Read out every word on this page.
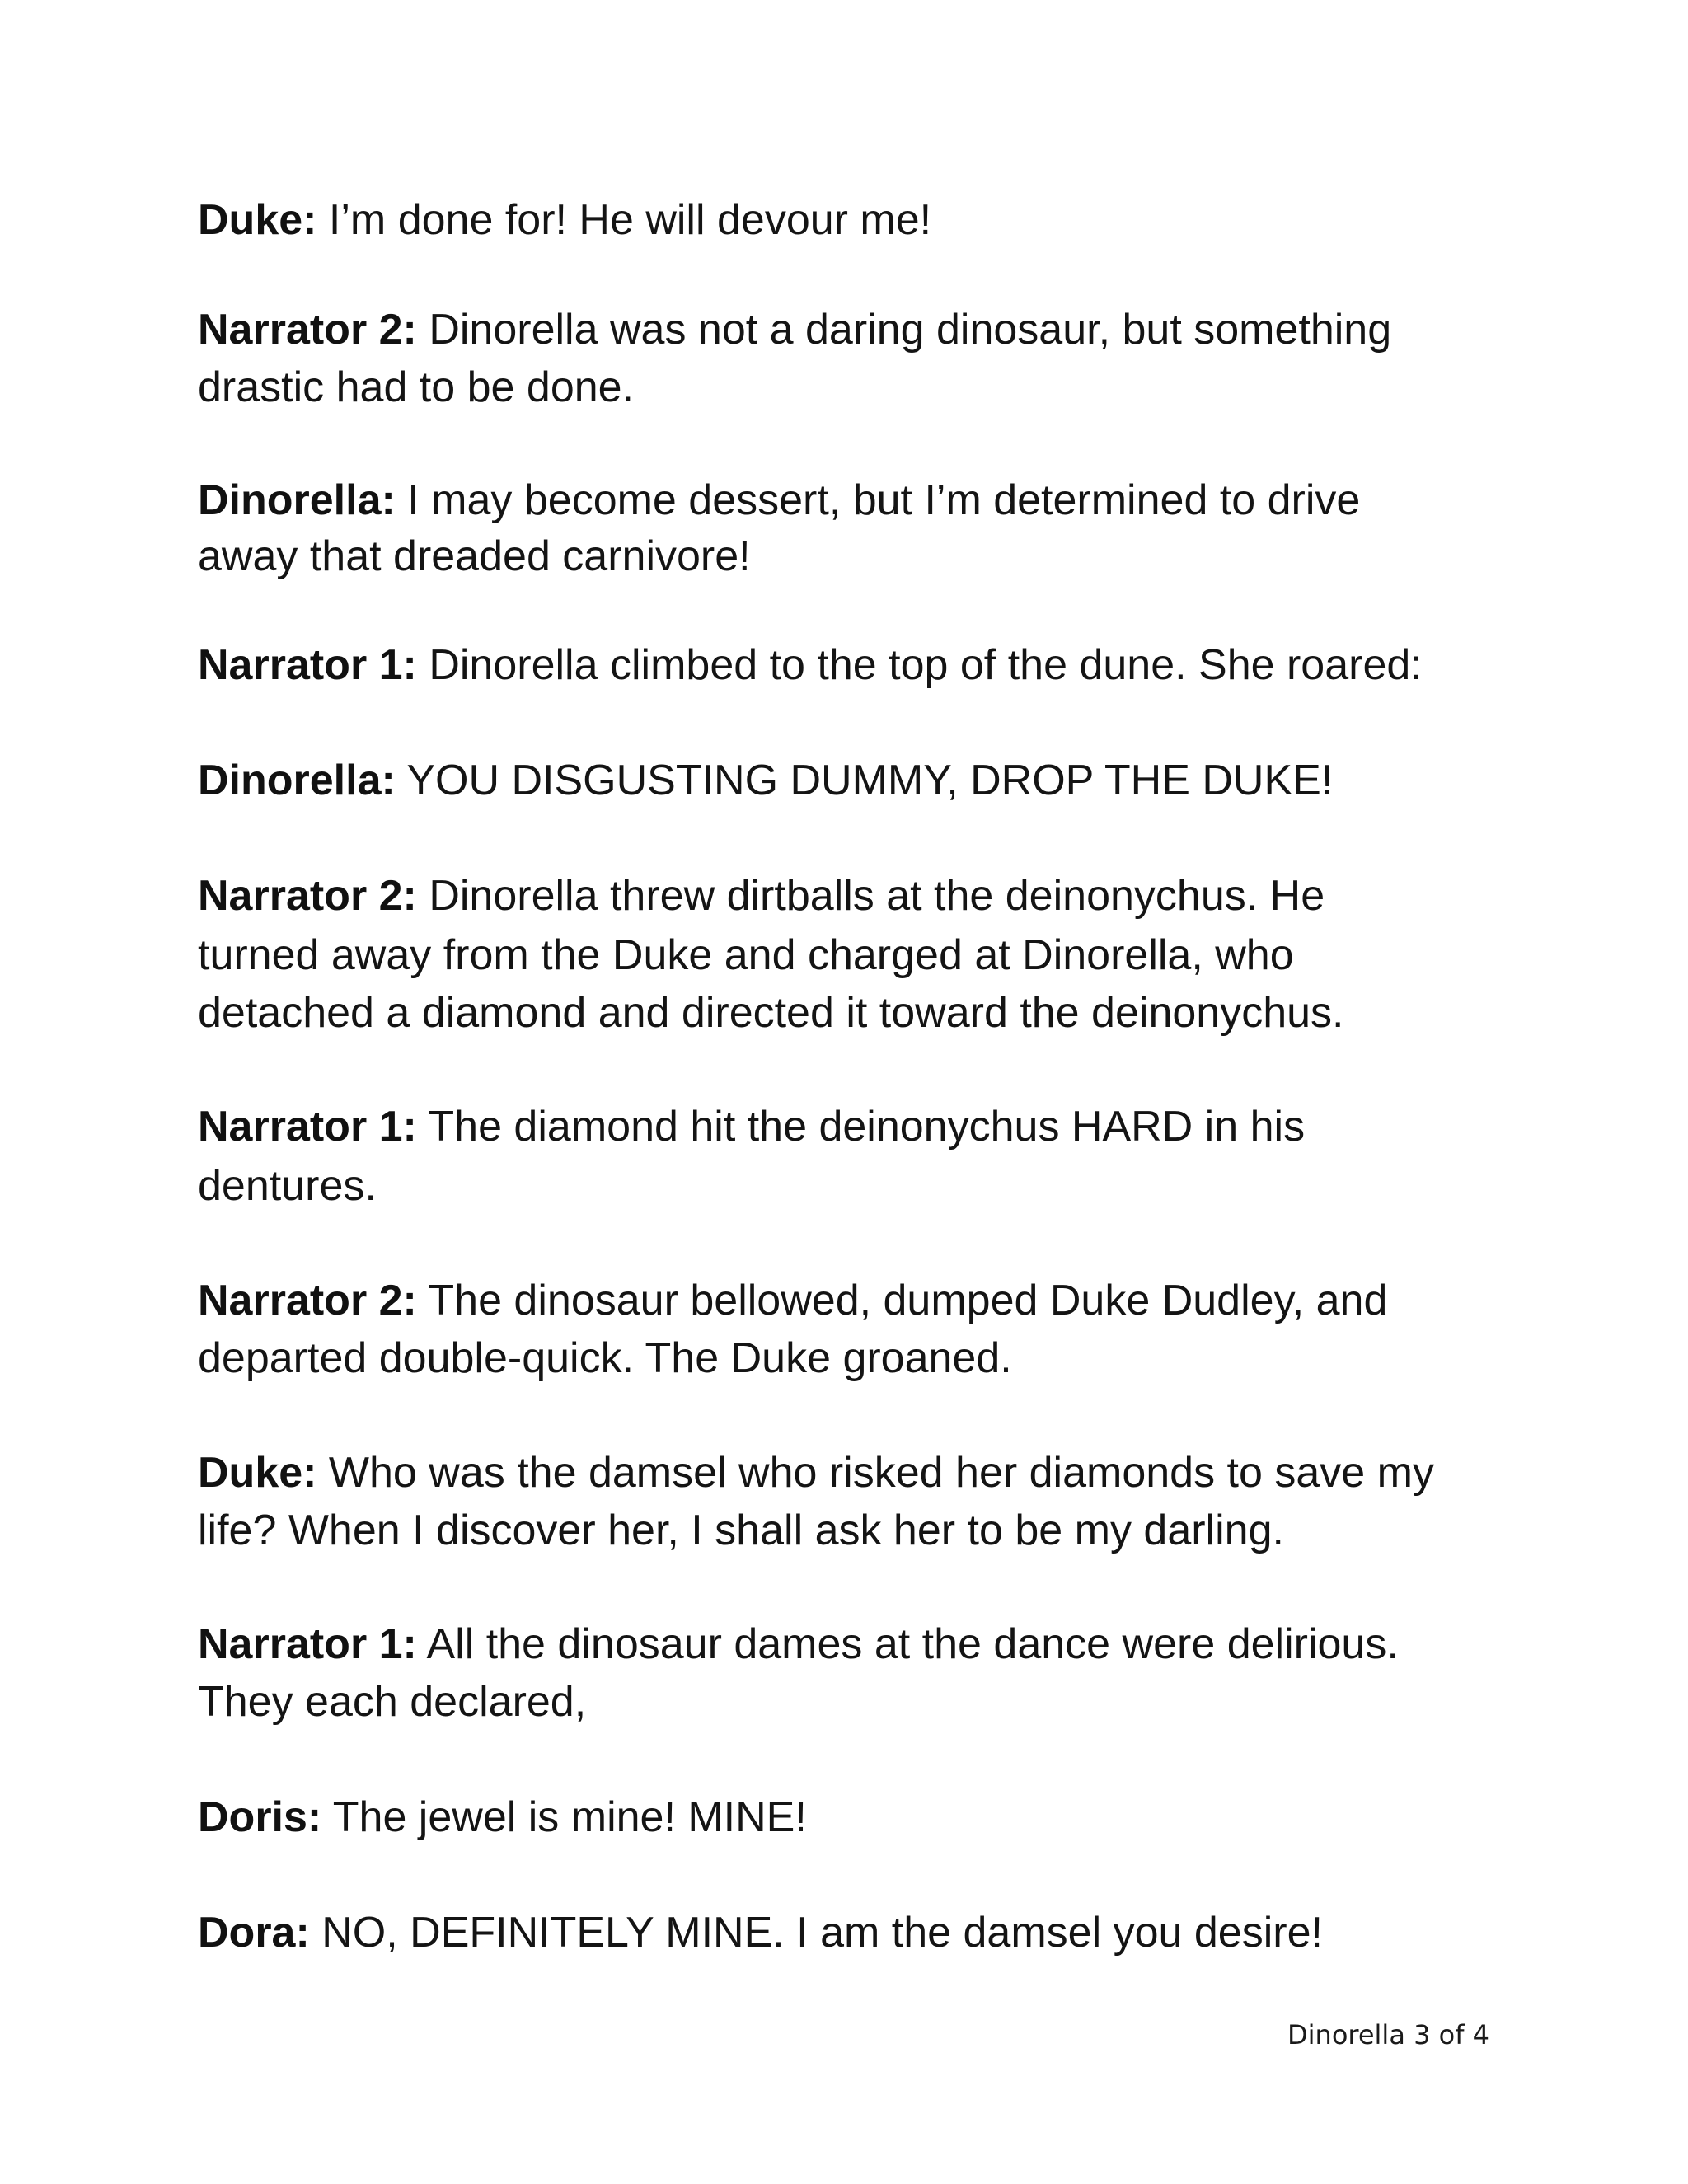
Duke: I’m done for! He will devour me!
Narrator 2: Dinorella was not a daring dinosaur, but something
drastic had to be done.
Dinorella: I may become dessert, but I’m determined to drive
away that dreaded carnivore!
Narrator 1: Dinorella climbed to the top of the dune. She roared:
Dinorella: YOU DISGUSTING DUMMY, DROP THE DUKE!
Narrator 2: Dinorella threw dirtballs at the deinonychus. He
turned away from the Duke and charged at Dinorella, who
detached a diamond and directed it toward the deinonychus.
Narrator 1: The diamond hit the deinonychus HARD in his
dentures.
Narrator 2: The dinosaur bellowed, dumped Duke Dudley, and
departed double-quick. The Duke groaned.
Duke: Who was the damsel who risked her diamonds to save my
life? When I discover her, I shall ask her to be my darling.
Narrator 1: All the dinosaur dames at the dance were delirious.
They each declared,
Doris: The jewel is mine! MINE!
Dora: NO, DEFINITELY MINE. I am the damsel you desire!
Dinorella 3 of 4
